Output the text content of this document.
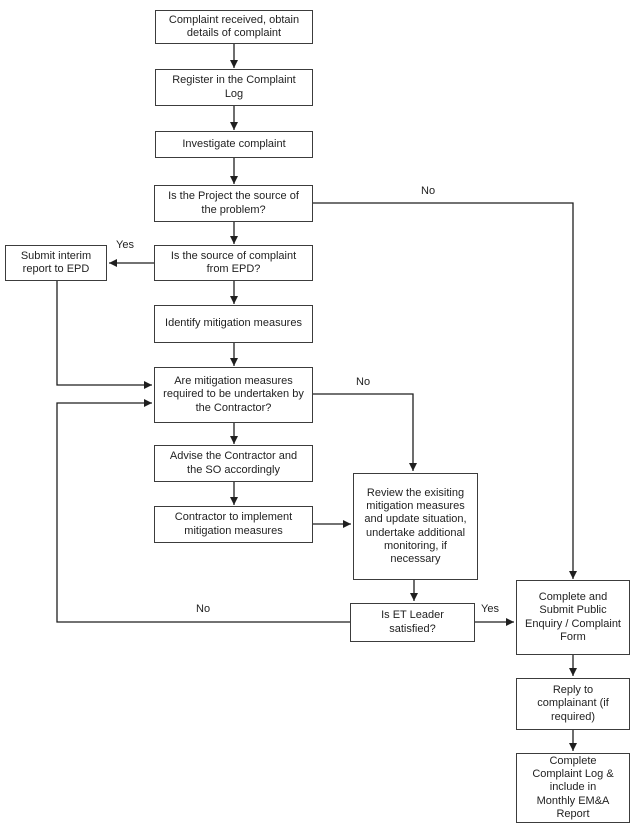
Complaint received, obtain details of complaint
Register in the Complaint Log
Investigate complaint
Is the Project the source of the problem?
Is the source of complaint from EPD?
Submit interim report to EPD
Identify mitigation measures
Are mitigation measures required to be undertaken by the Contractor?
Advise the Contractor and the SO accordingly
Contractor to implement mitigation measures
Review the exisiting mitigation measures and update situation, undertake additional monitoring, if necessary
Is ET Leader satisfied?
Complete and Submit Public Enquiry / Complaint Form
Reply to complainant (if required)
Complete Complaint Log & include in Monthly EM&A Report
No
Yes
No
No	Yes
